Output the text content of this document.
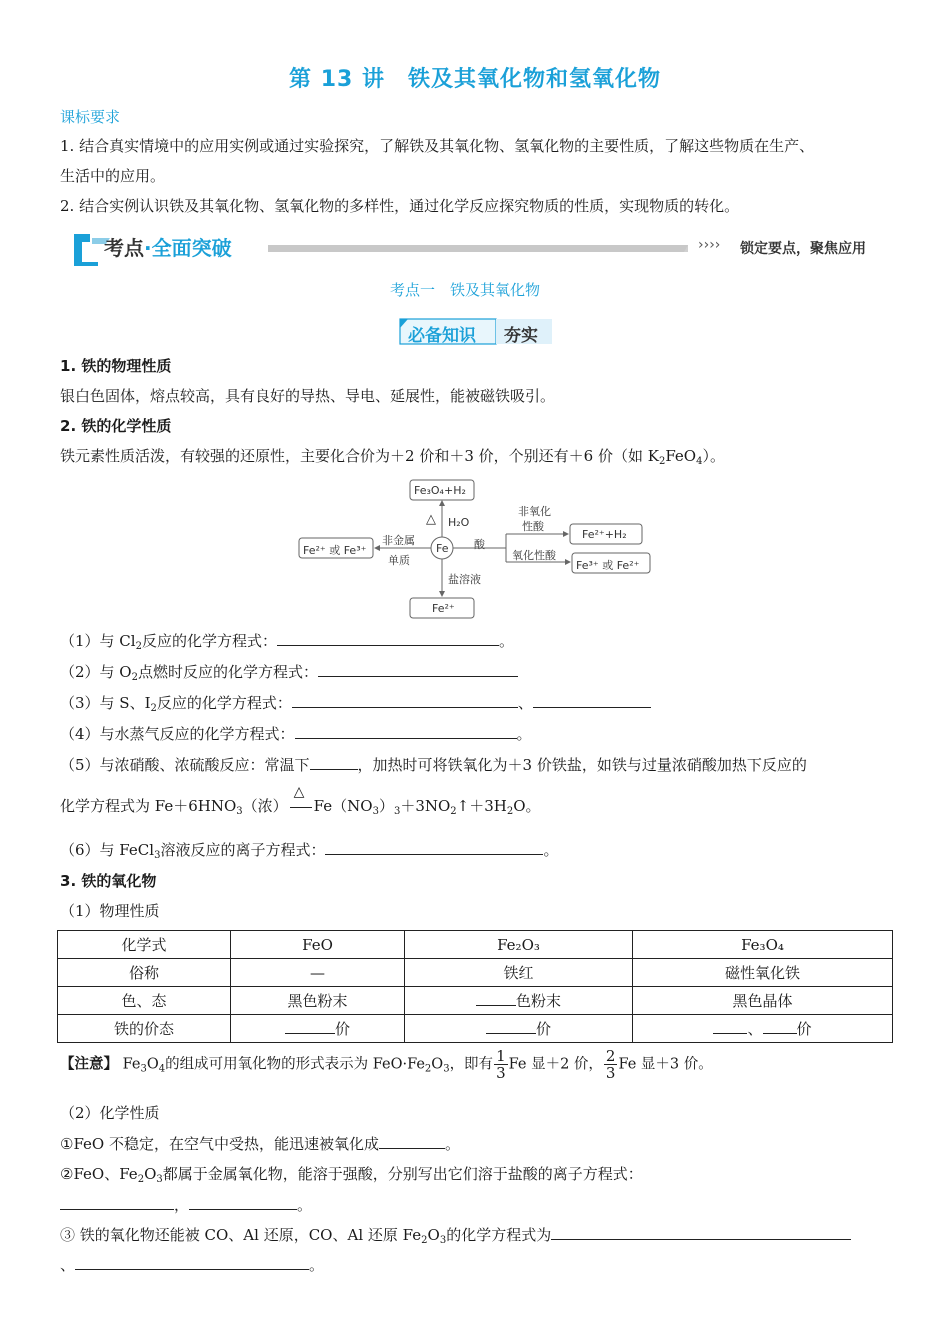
第 13 讲　铁及其氧化物和氢氧化物
课标要求
1. 结合真实情境中的应用实例或通过实验探究，了解铁及其氧化物、氢氧化物的主要性质，了解这些物质在生产、
生活中的应用。
2. 结合实例认识铁及其氧化物、氢氧化物的多样性，通过化学反应探究物质的性质，实现物质的转化。
考点·全面突破	›››› 锁定要点，聚焦应用
考点一　铁及其氧化物
必备知识 夯实
1. 铁的物理性质
银白色固体，熔点较高，具有良好的导热、导电、延展性，能被磁铁吸引。
2. 铁的化学性质
铁元素性质活泼，有较强的还原性，主要化合价为＋2 价和＋3 价，个别还有＋6 价（如 $K_2FeO_4$）。
Fe₃O₄+H₂
△ H₂O
Fe²⁺ 或 Fe³⁺
非金属
单质
Fe 酸
非氧化
性酸
氧化性酸
Fe²⁺+H₂
Fe³⁺ 或 Fe²⁺
盐溶液
Fe²⁺
（1）与 $Cl_2$反应的化学方程式：	。
（2）与 $O_2$点燃时反应的化学方程式：
（3）与 S、$I_2$反应的化学方程式：	、
（4）与水蒸气反应的化学方程式：	。
（5）与浓硝酸、浓硫酸反应：常温下	，加热时可将铁氧化为＋3 价铁盐，如铁与过量浓硝酸加热下反应的
化学方程式为 $Fe+6HNO_3$（浓）
△
$Fe(NO_3)_3+3NO_2↑+3H_2O$。
（6）与 FeCl$_3$溶液反应的离子方程式：	。
3. 铁的氧化物
（1）物理性质
化学式	FeO	Fe₂O₃	Fe₃O₄
俗称	—	铁红	磁性氧化铁
色、态	黑色粉末	色粉末	黑色晶体
铁的价态	价	价	、 价
【注意】 $Fe_3O_4$的组成可用氧化物的形式表示为 $FeO\cdot Fe_2O_3$，即有 $\frac{1}{3}$ Fe 显＋2 价， $\frac{2}{3}$ Fe 显＋3 价。
（2）化学性质
①FeO 不稳定，在空气中受热，能迅速被氧化成	。
②FeO、$Fe_2O_3$都属于金属氧化物，能溶于强酸，分别写出它们溶于盐酸的离子方程式：
，	。
③ 铁的氧化物还能被 CO、Al 还原，CO、Al 还原 $Fe_2O_3$的化学方程式为
、	。
